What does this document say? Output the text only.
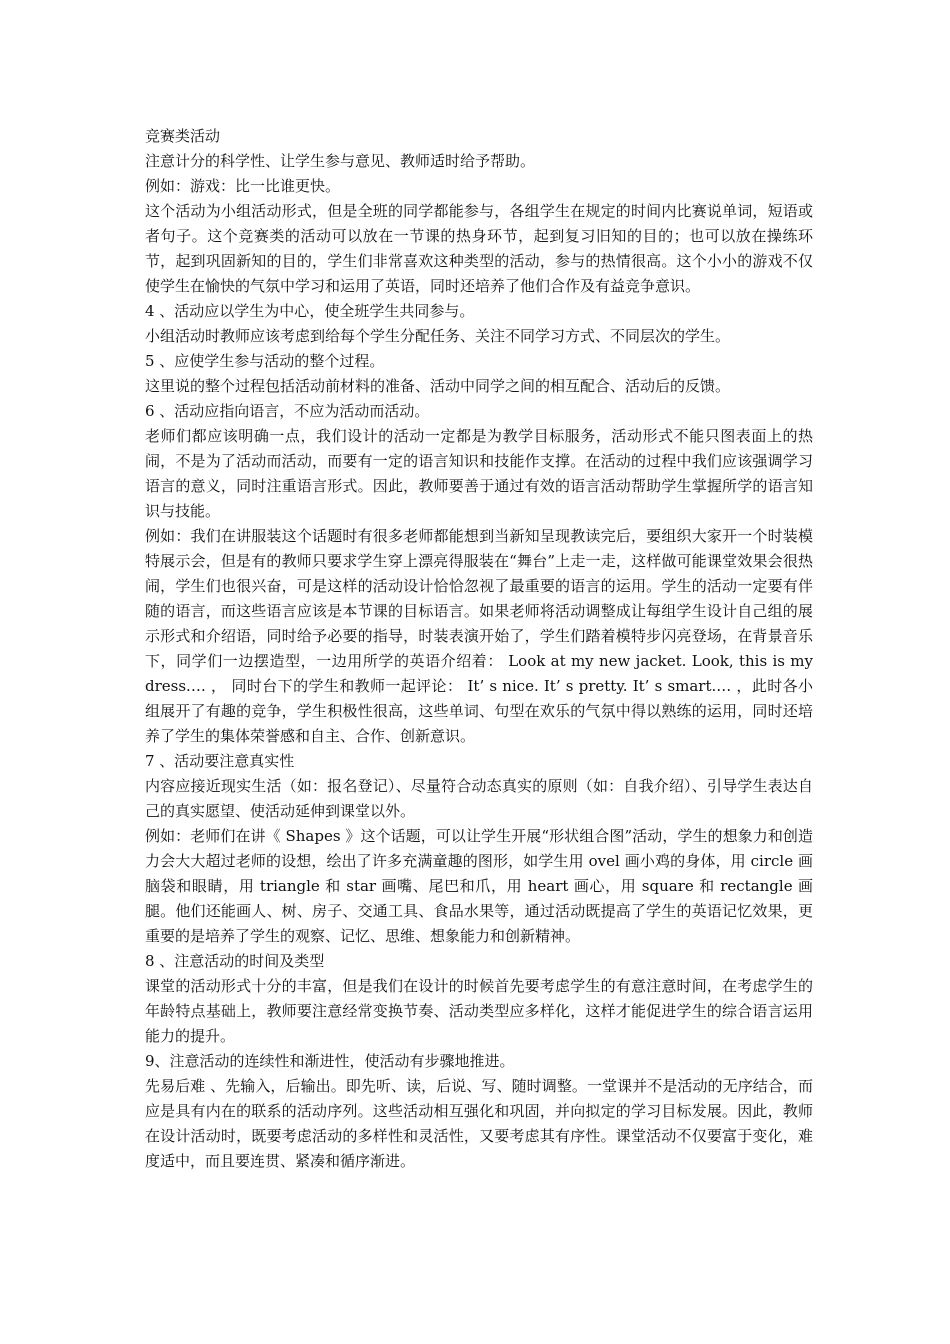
竞赛类活动

注意计分的科学性、让学生参与意见、教师适时给予帮助。

例如：游戏：比一比谁更快。

这个活动为小组活动形式，但是全班的同学都能参与，各组学生在规定的时间内比赛说单词，短语或者句子。这个竞赛类的活动可以放在一节课的热身环节，起到复习旧知的目的；也可以放在操练环节，起到巩固新知的目的，学生们非常喜欢这种类型的活动，参与的热情很高。这个小小的游戏不仅使学生在愉快的气氛中学习和运用了英语，同时还培养了他们合作及有益竞争意识。

4 、活动应以学生为中心，使全班学生共同参与。

小组活动时教师应该考虑到给每个学生分配任务、关注不同学习方式、不同层次的学生。

5 、应使学生参与活动的整个过程。

这里说的整个过程包括活动前材料的准备、活动中同学之间的相互配合、活动后的反馈。

6 、活动应指向语言，不应为活动而活动。

老师们都应该明确一点，我们设计的活动一定都是为教学目标服务，活动形式不能只图表面上的热闹，不是为了活动而活动，而要有一定的语言知识和技能作支撑。在活动的过程中我们应该强调学习语言的意义，同时注重语言形式。因此，教师要善于通过有效的语言活动帮助学生掌握所学的语言知识与技能。

例如：我们在讲服装这个话题时有很多老师都能想到当新知呈现教读完后，要组织大家开一个时装模特展示会，但是有的教师只要求学生穿上漂亮得服装在“舞台”上走一走，这样做可能课堂效果会很热闹，学生们也很兴奋，可是这样的活动设计恰恰忽视了最重要的语言的运用。学生的活动一定要有伴随的语言，而这些语言应该是本节课的目标语言。如果老师将活动调整成让每组学生设计自己组的展示形式和介绍语，同时给予必要的指导，时装表演开始了，学生们踏着模特步闪亮登场，在背景音乐下，同学们一边摆造型，一边用所学的英语介绍着： Look at my new jacket. Look, this is my dress.… ， 同时台下的学生和教师一起评论： It’ s nice. It’ s pretty. It’ s smart.… ，此时各小组展开了有趣的竞争，学生积极性很高，这些单词、句型在欢乐的气氛中得以熟练的运用，同时还培养了学生的集体荣誉感和自主、合作、创新意识。

7 、活动要注意真实性

内容应接近现实生活（如：报名登记）、尽量符合动态真实的原则（如：自我介绍）、引导学生表达自己的真实愿望、使活动延伸到课堂以外。

例如：老师们在讲《 Shapes 》这个话题，可以让学生开展“形状组合图”活动，学生的想象力和创造力会大大超过老师的设想，绘出了许多充满童趣的图形，如学生用 ovel 画小鸡的身体，用 circle 画脑袋和眼睛，用 triangle 和 star 画嘴、尾巴和爪，用 heart 画心，用 square 和 rectangle 画腿。他们还能画人、树、房子、交通工具、食品水果等，通过活动既提高了学生的英语记忆效果，更重要的是培养了学生的观察、记忆、思维、想象能力和创新精神。

8 、注意活动的时间及类型

课堂的活动形式十分的丰富，但是我们在设计的时候首先要考虑学生的有意注意时间，在考虑学生的年龄特点基础上，教师要注意经常变换节奏、活动类型应多样化，这样才能促进学生的综合语言运用能力的提升。

9、注意活动的连续性和渐进性，使活动有步骤地推进。

先易后难 、先输入，后输出。即先听、读，后说、写、随时调整。一堂课并不是活动的无序结合，而应是具有内在的联系的活动序列。这些活动相互强化和巩固，并向拟定的学习目标发展。因此，教师在设计活动时，既要考虑活动的多样性和灵活性，又要考虑其有序性。课堂活动不仅要富于变化，难度适中，而且要连贯、紧凑和循序渐进。
